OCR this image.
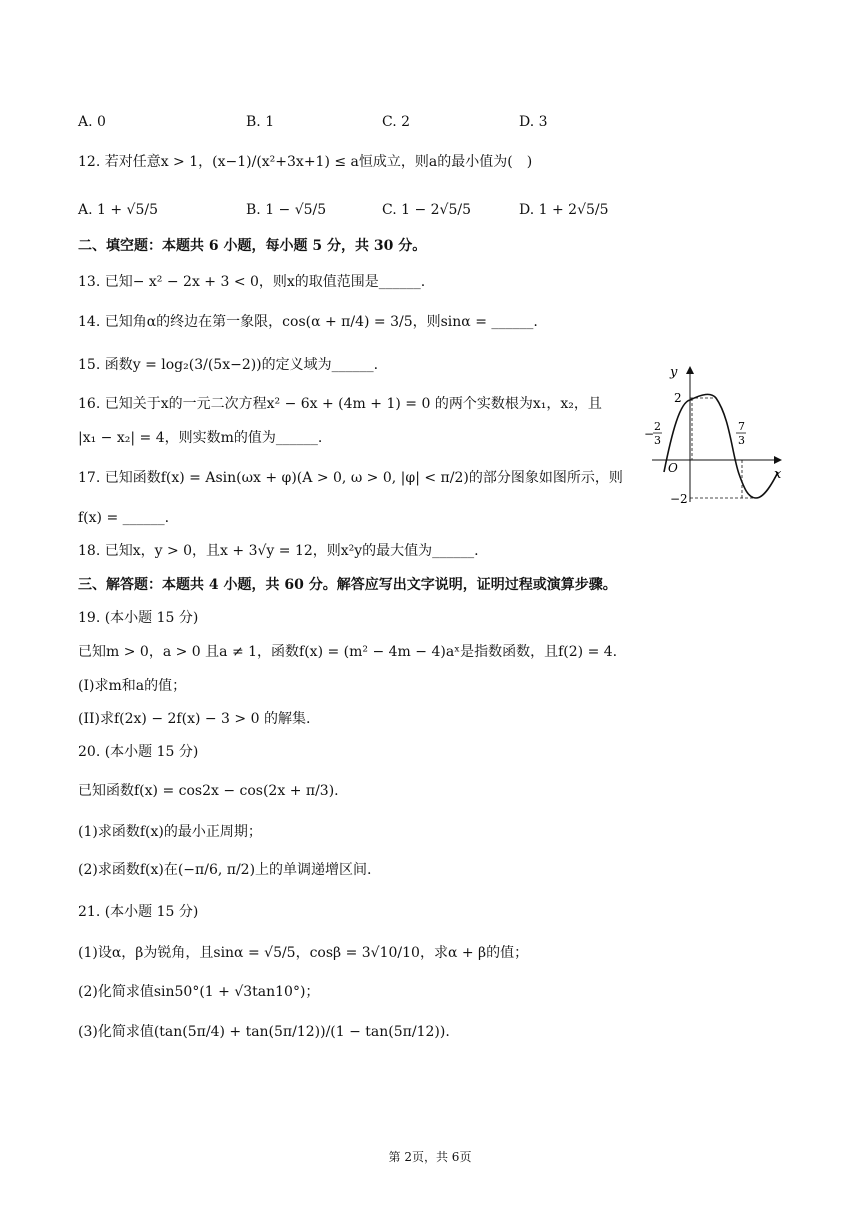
A. 0	B. 1	C. 2	D. 3
12. 若对任意x > 1，(x−1)/(x²+3x+1) ≤ a恒成立，则a的最小值为(　)
A. 1 + √5/5	B. 1 − √5/5	C. 1 − 2√5/5	D. 1 + 2√5/5
二、填空题：本题共 6 小题，每小题 5 分，共 30 分。
13. 已知− x² − 2x + 3 < 0，则x的取值范围是______.
14. 已知角α的终边在第一象限，cos(α + π/4) = 3/5，则sinα = ______.
15. 函数y = log₂(3/(5x−2))的定义域为______.
16. 已知关于x的一元二次方程x² − 6x + (4m + 1) = 0 的两个实数根为x₁，x₂，且
|x₁ − x₂| = 4，则实数m的值为______.
17. 已知函数f(x) = Asin(ωx + φ)(A > 0, ω > 0, |φ| < π/2)的部分图象如图所示，则
f(x) = ______.
18. 已知x，y > 0，且x + 3√y = 12，则x²y的最大值为______.
三、解答题：本题共 4 小题，共 60 分。解答应写出文字说明，证明过程或演算步骤。
19. (本小题 15 分)
已知m > 0，a > 0 且a ≠ 1，函数f(x) = (m² − 4m − 4)aˣ是指数函数，且f(2) = 4.
(I)求m和a的值；
(II)求f(2x) − 2f(x) − 3 > 0 的解集.
20. (本小题 15 分)
已知函数f(x) = cos2x − cos(2x + π/3).
(1)求函数f(x)的最小正周期；
(2)求函数f(x)在(−π/6, π/2)上的单调递增区间.
21. (本小题 15 分)
(1)设α，β为锐角，且sinα = √5/5，cosβ = 3√10/10，求α + β的值；
(2)化简求值sin50°(1 + √3tan10°)；
(3)化简求值(tan(5π/4) + tan(5π/12))/(1 − tan(5π/12)).
y
x
O
2
−2
−
2
3
7
3
第 2页，共 6页
